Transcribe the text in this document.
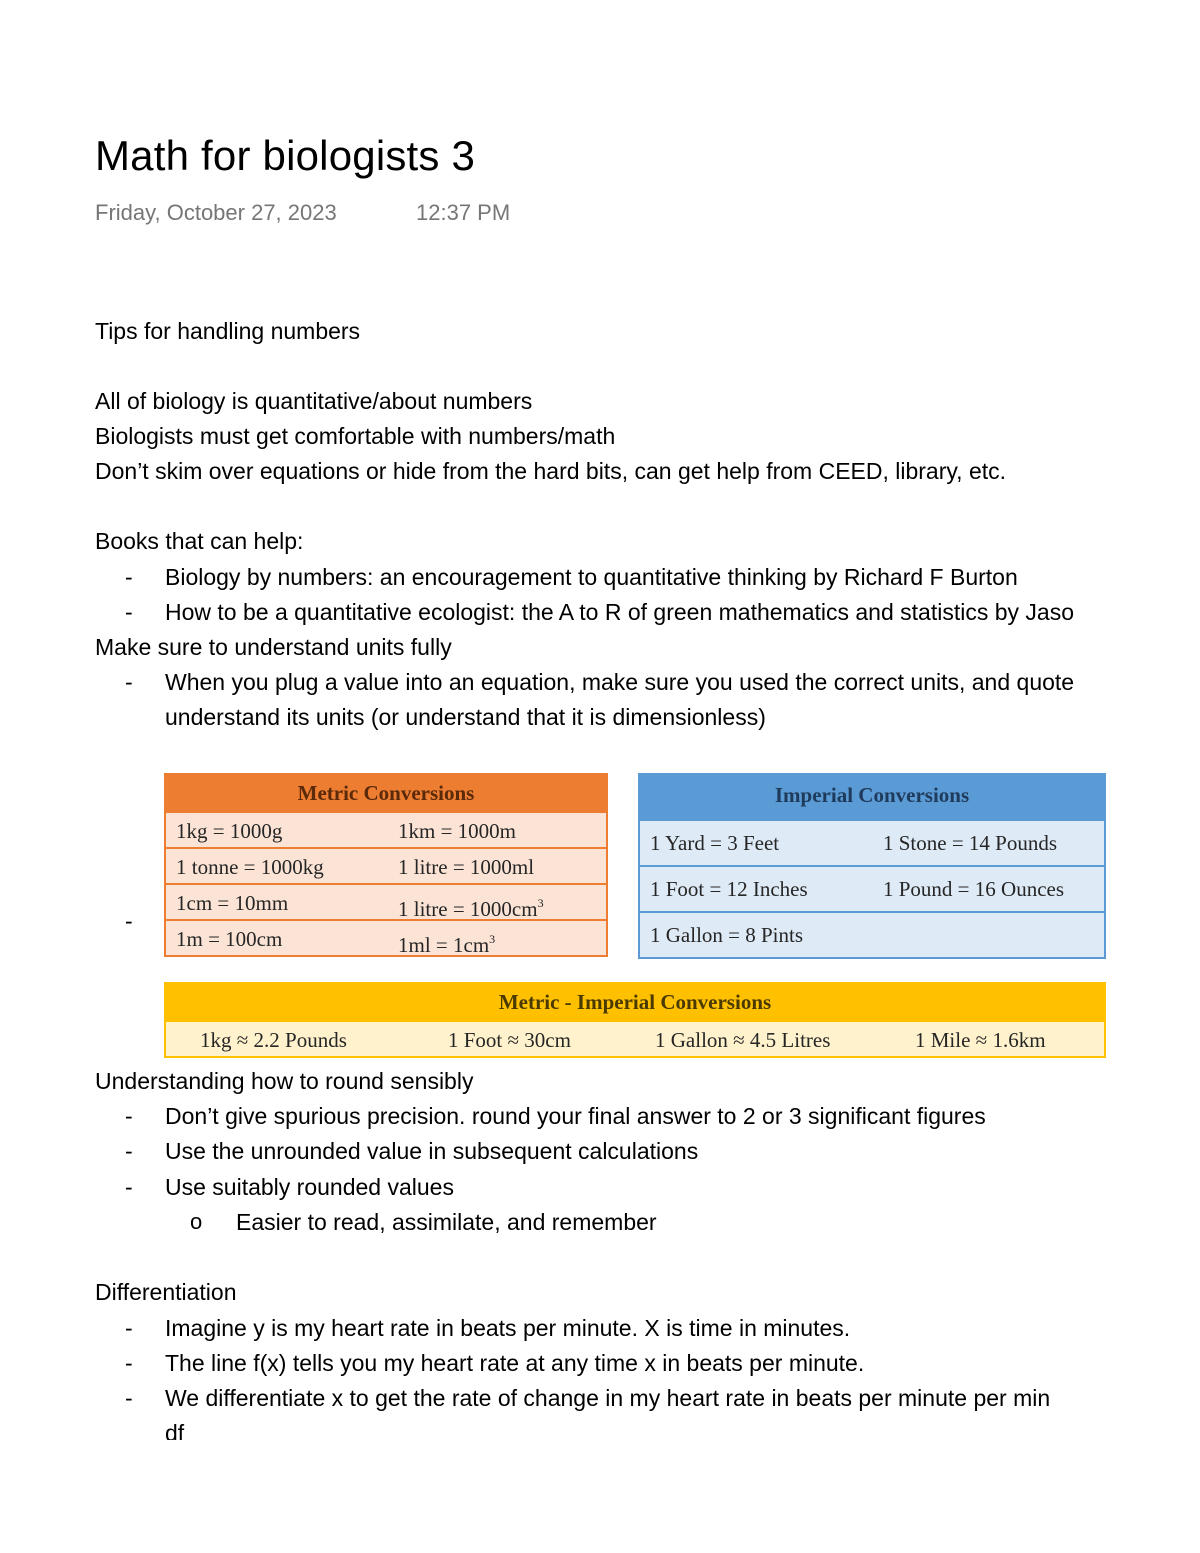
Math for biologists 3
Friday, October 27, 2023	12:37 PM
Tips for handling numbers
All of biology is quantitative/about numbers
Biologists must get comfortable with numbers/math
Don’t skim over equations or hide from the hard bits, can get help from CEED, library, etc.
Books that can help:
- Biology by numbers: an encouragement to quantitative thinking by Richard F Burton
- How to be a quantitative ecologist: the A to R of green mathematics and statistics by Jaso
Make sure to understand units fully
- When you plug a value into an equation, make sure you used the correct units, and quote
understand its units (or understand that it is dimensionless)
-
Metric Conversions
1kg = 1000g	1km = 1000m
1 tonne = 1000kg	1 litre = 1000ml
1cm = 10mm	1 litre = $1000cm^3$
1m = 100cm	$1ml = 1cm^3$
Imperial Conversions
1 Yard = 3 Feet	1 Stone = 14 Pounds
1 Foot = 12 Inches	1 Pound = 16 Ounces
1 Gallon = 8 Pints
Metric - Imperial Conversions
1kg ≈ 2.2 Pounds	1 Foot ≈ 30cm	1 Gallon ≈ 4.5 Litres	1 Mile ≈ 1.6km
Understanding how to round sensibly
- Don’t give spurious precision. round your final answer to 2 or 3 significant figures
- Use the unrounded value in subsequent calculations
- Use suitably rounded values
o Easier to read, assimilate, and remember
Differentiation
- Imagine y is my heart rate in beats per minute. X is time in minutes.
- The line f(x) tells you my heart rate at any time x in beats per minute.
- We differentiate x to get the rate of change in my heart rate in beats per minute per min
df
